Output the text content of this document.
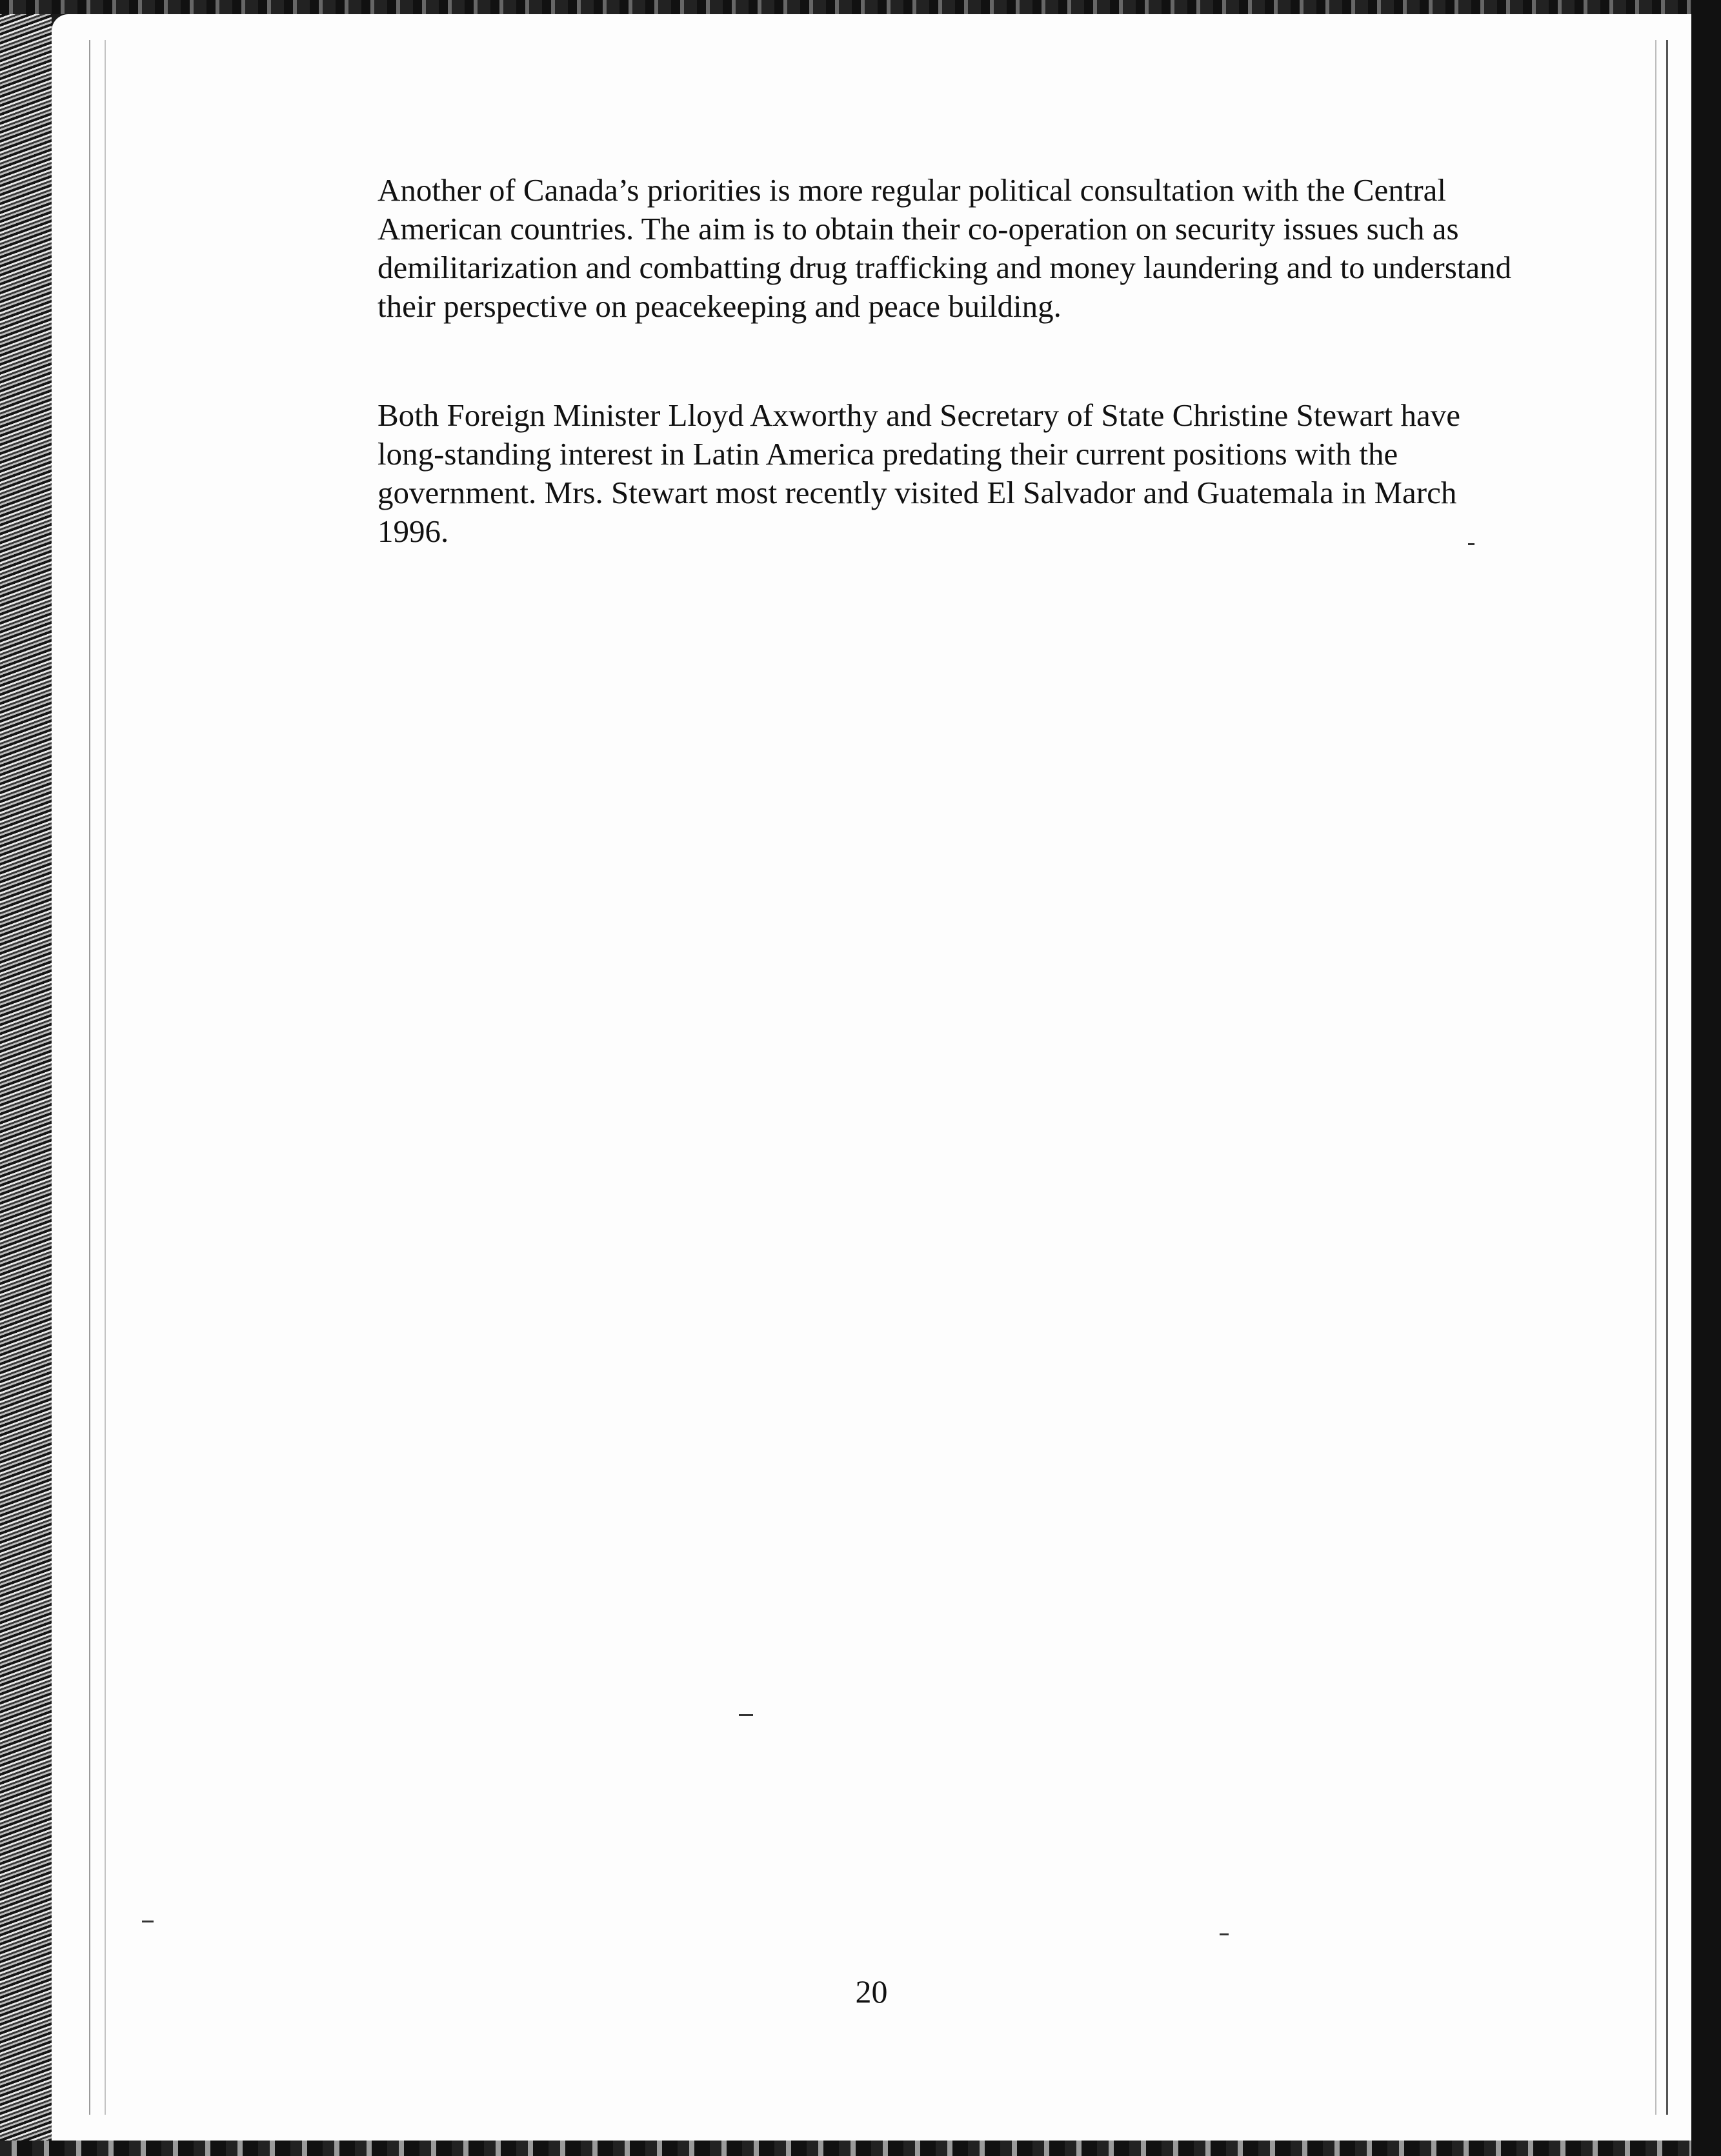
Another of Canada’s priorities is more regular political consultation with the Central American countries. The aim is to obtain their co-operation on security issues such as demilitarization and combatting drug trafficking and money laundering and to understand their perspective on peacekeeping and peace building.

Both Foreign Minister Lloyd Axworthy and Secretary of State Christine Stewart have long-standing interest in Latin America predating their current positions with the government. Mrs. Stewart most recently visited El Salvador and Guatemala in March 1996.

20
